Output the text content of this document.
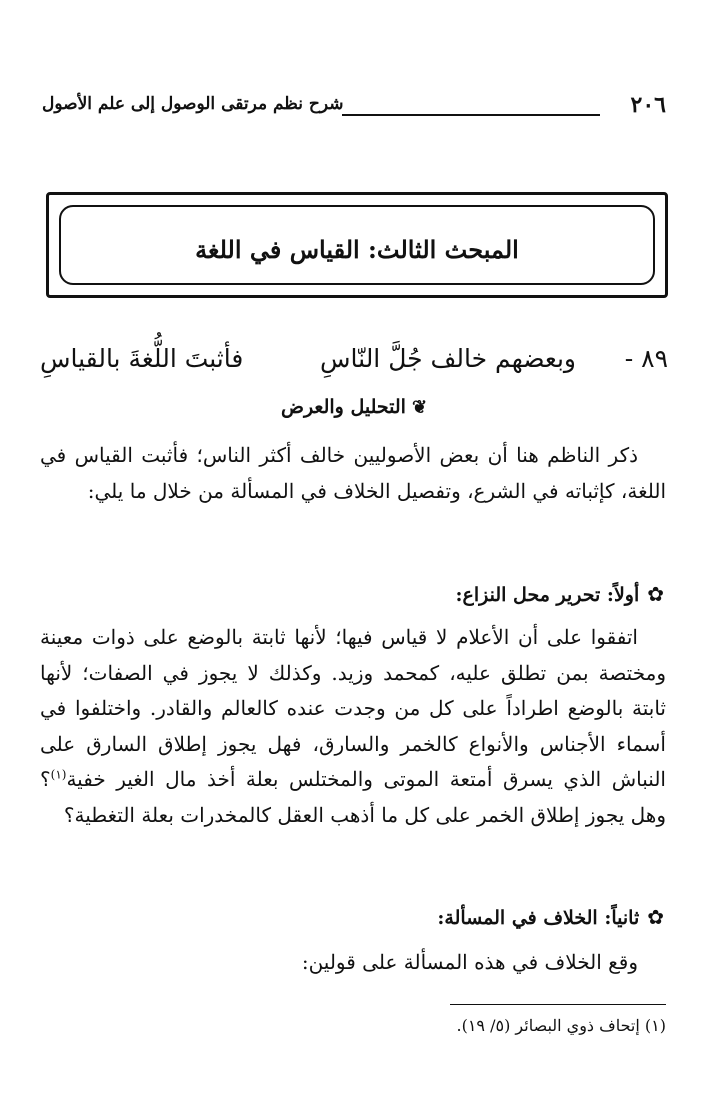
٢٠٦
شرح نظم مرتقى الوصول إلى علم الأصول
المبحث الثالث: القياس في اللغة
٨٩ -
وبعضهم خالف جُلَّ النّاسِ
فأثبتَ اللُّغةَ بالقياسِ
❦التحليل والعرض
ذكر الناظم هنا أن بعض الأصوليين خالف أكثر الناس؛ فأثبت القياس في اللغة، كإثباته في الشرع، وتفصيل الخلاف في المسألة من خلال ما يلي:
✿أولاً: تحرير محل النزاع:
اتفقوا على أن الأعلام لا قياس فيها؛ لأنها ثابتة بالوضع على ذوات معينة ومختصة بمن تطلق عليه، كمحمد وزيد. وكذلك لا يجوز في الصفات؛ لأنها ثابتة بالوضع اطراداً على كل من وجدت عنده كالعالم والقادر. واختلفوا في أسماء الأجناس والأنواع كالخمر والسارق، فهل يجوز إطلاق السارق على النباش الذي يسرق أمتعة الموتى والمختلس بعلة أخذ مال الغير خفية$^{(١)}$؟ وهل يجوز إطلاق الخمر على كل ما أذهب العقل كالمخدرات بعلة التغطية؟
✿ثانياً: الخلاف في المسألة:
وقع الخلاف في هذه المسألة على قولين:
(١) إتحاف ذوي البصائر (٥/ ١٩).
